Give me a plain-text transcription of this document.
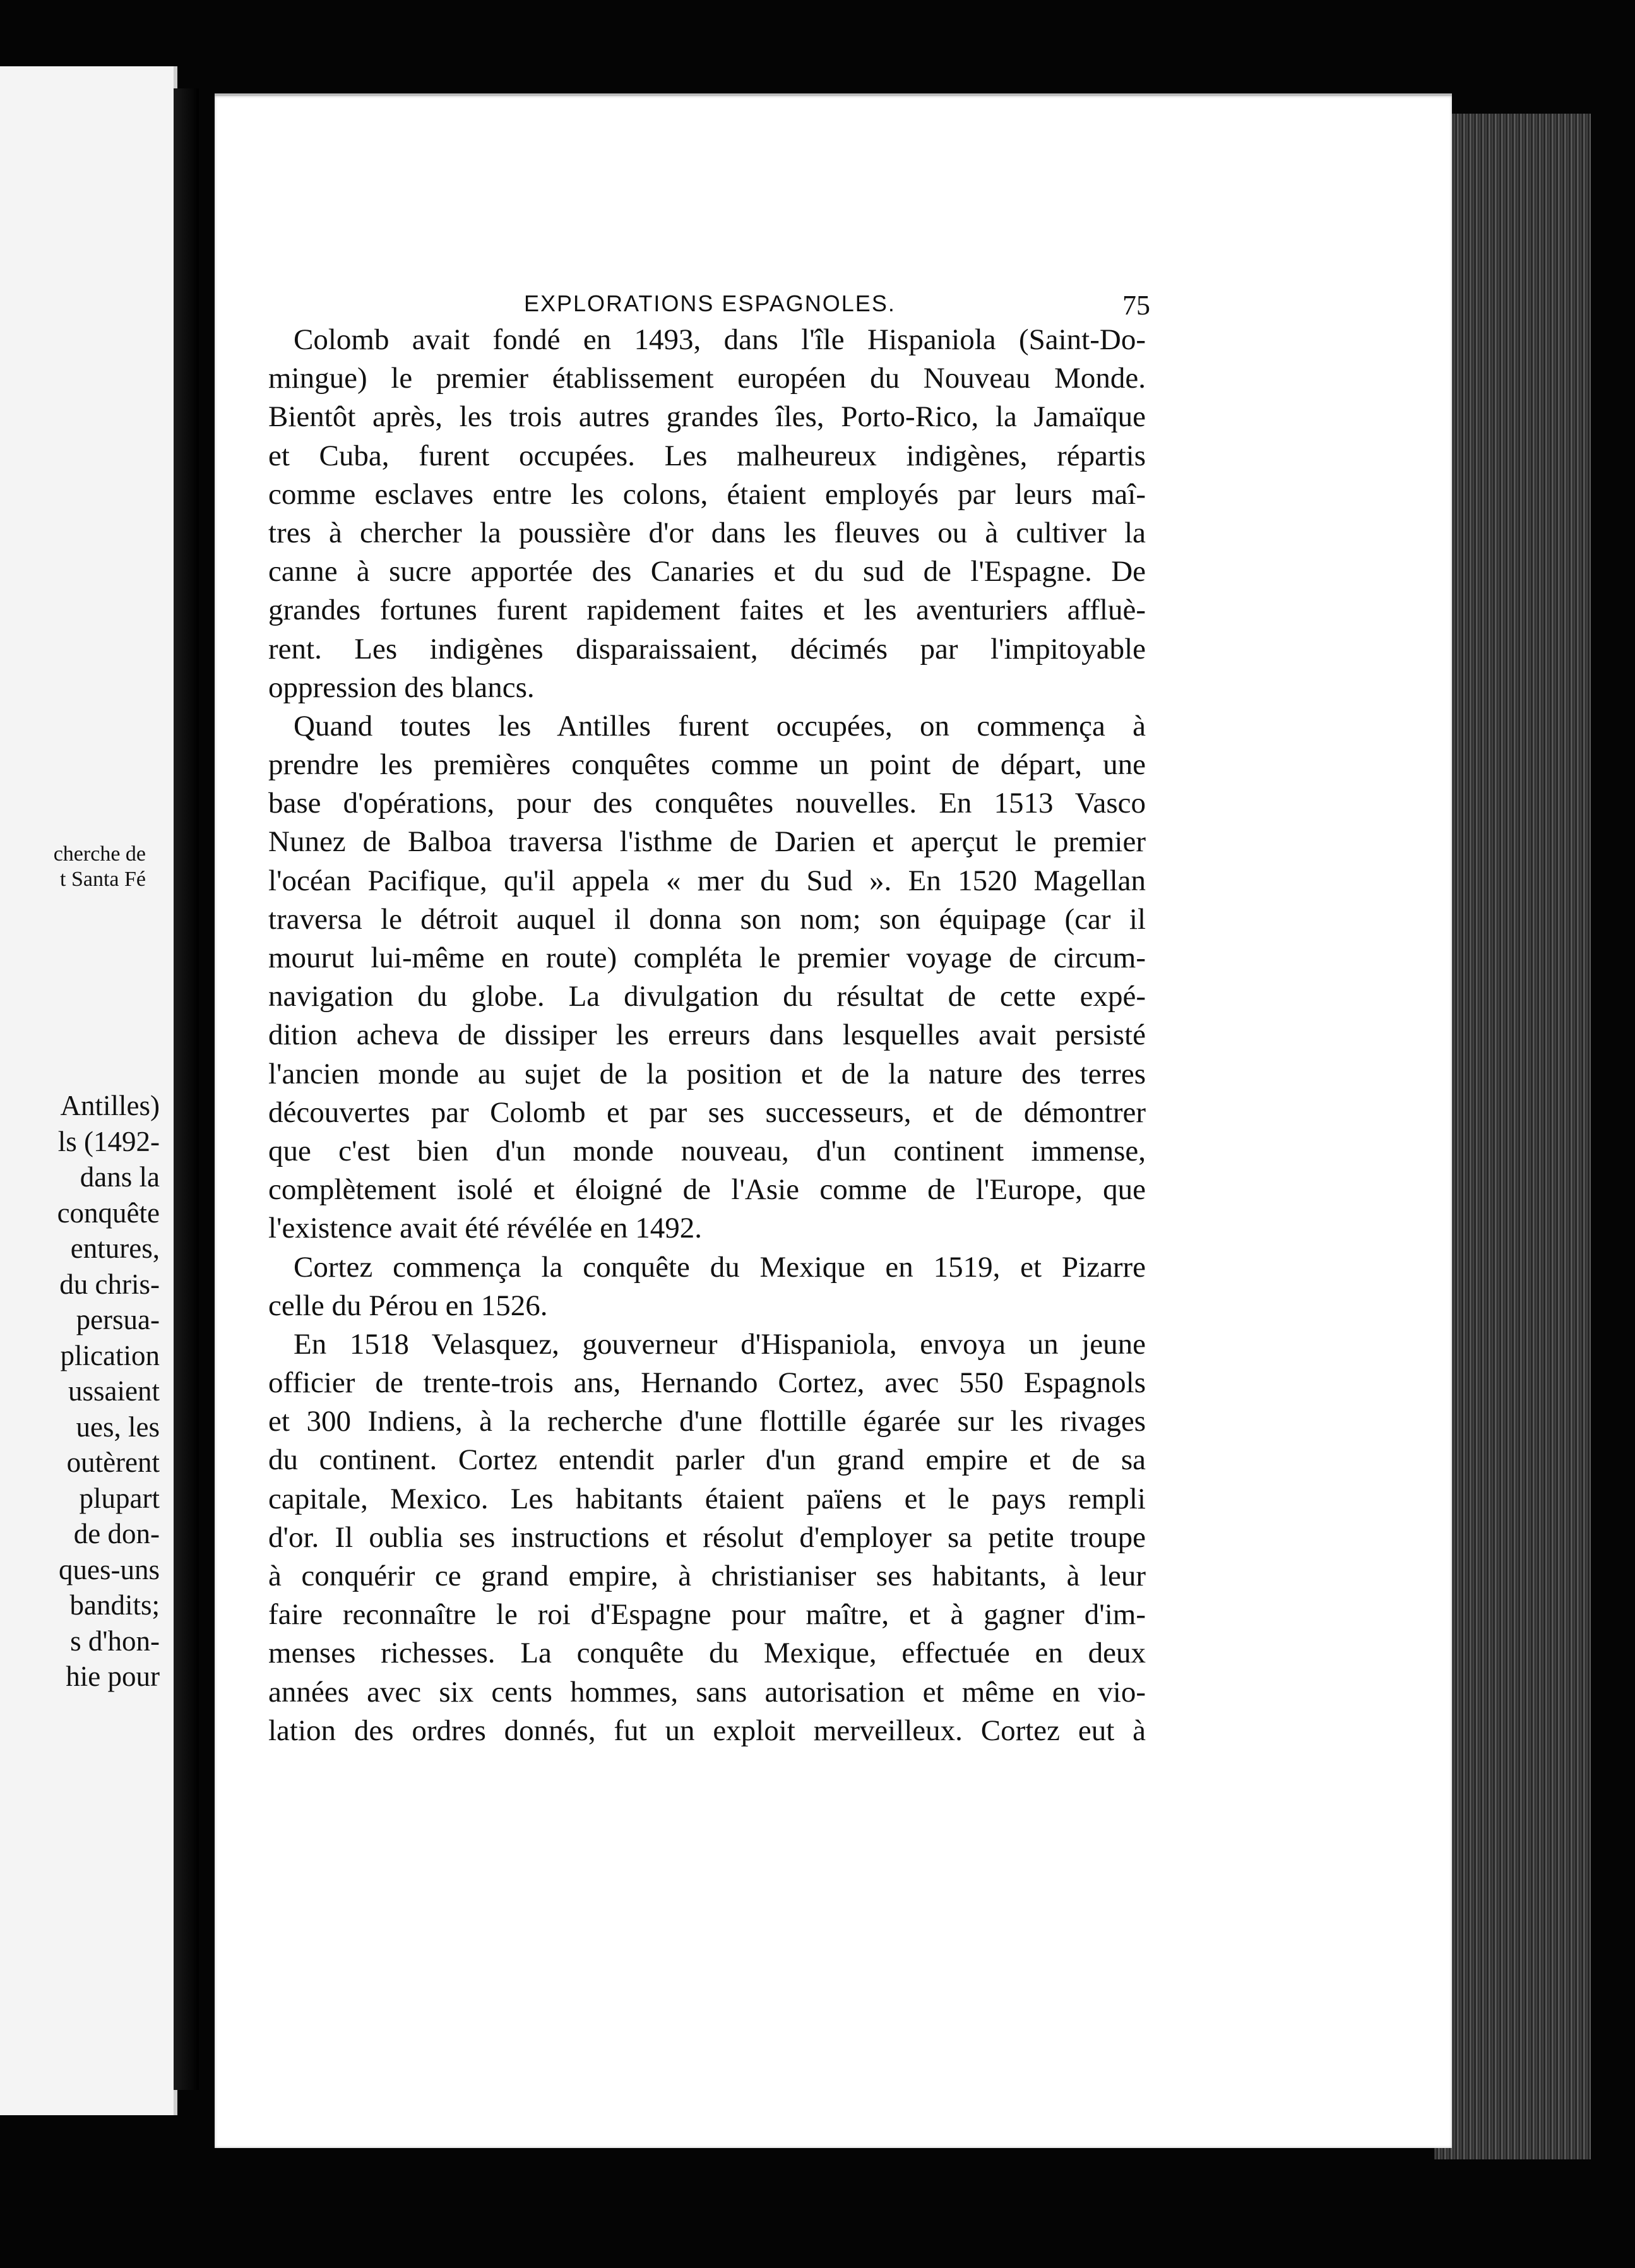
cherche de
t Santa Fé
Antilles)
ls (1492-
dans la
conquête
entures,
du chris-
persua-
plication
ussaient
ues, les
outèrent
plupart
de don-
ques-uns
bandits;
s d'hon-
hie pour
EXPLORATIONS ESPAGNOLES.	75
Colomb avait fondé en 1493, dans l'île Hispaniola (Saint-Do-
mingue) le premier établissement européen du Nouveau Monde.
Bientôt après, les trois autres grandes îles, Porto-Rico, la Jamaïque
et Cuba, furent occupées. Les malheureux indigènes, répartis
comme esclaves entre les colons, étaient employés par leurs maî-
tres à chercher la poussière d'or dans les fleuves ou à cultiver la
canne à sucre apportée des Canaries et du sud de l'Espagne. De
grandes fortunes furent rapidement faites et les aventuriers affluè-
rent. Les indigènes disparaissaient, décimés par l'impitoyable
oppression des blancs.
Quand toutes les Antilles furent occupées, on commença à
prendre les premières conquêtes comme un point de départ, une
base d'opérations, pour des conquêtes nouvelles. En 1513 Vasco
Nunez de Balboa traversa l'isthme de Darien et aperçut le premier
l'océan Pacifique, qu'il appela « mer du Sud ». En 1520 Magellan
traversa le détroit auquel il donna son nom; son équipage (car il
mourut lui-même en route) compléta le premier voyage de circum-
navigation du globe. La divulgation du résultat de cette expé-
dition acheva de dissiper les erreurs dans lesquelles avait persisté
l'ancien monde au sujet de la position et de la nature des terres
découvertes par Colomb et par ses successeurs, et de démontrer
que c'est bien d'un monde nouveau, d'un continent immense,
complètement isolé et éloigné de l'Asie comme de l'Europe, que
l'existence avait été révélée en 1492.
Cortez commença la conquête du Mexique en 1519, et Pizarre
celle du Pérou en 1526.
En 1518 Velasquez, gouverneur d'Hispaniola, envoya un jeune
officier de trente-trois ans, Hernando Cortez, avec 550 Espagnols
et 300 Indiens, à la recherche d'une flottille égarée sur les rivages
du continent. Cortez entendit parler d'un grand empire et de sa
capitale, Mexico. Les habitants étaient païens et le pays rempli
d'or. Il oublia ses instructions et résolut d'employer sa petite troupe
à conquérir ce grand empire, à christianiser ses habitants, à leur
faire reconnaître le roi d'Espagne pour maître, et à gagner d'im-
menses richesses. La conquête du Mexique, effectuée en deux
années avec six cents hommes, sans autorisation et même en vio-
lation des ordres donnés, fut un exploit merveilleux. Cortez eut à
